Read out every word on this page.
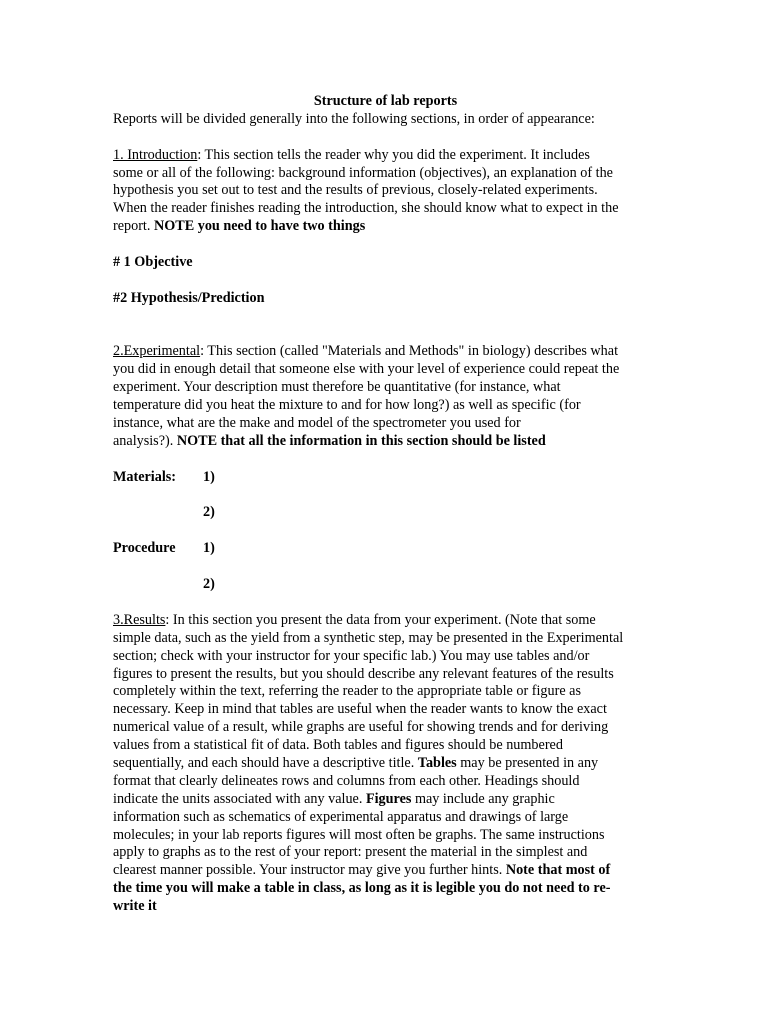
Structure of lab reports
Reports will be divided generally into the following sections, in order of appearance:
1. Introduction: This section tells the reader why you did the experiment. It includes
some or all of the following: background information (objectives), an explanation of the
hypothesis you set out to test and the results of previous, closely-related experiments.
When the reader finishes reading the introduction, she should know what to expect in the
report. NOTE you need to have two things
# 1 Objective
#2 Hypothesis/Prediction
2.Experimental: This section (called "Materials and Methods" in biology) describes what
you did in enough detail that someone else with your level of experience could repeat the
experiment. Your description must therefore be quantitative (for instance, what
temperature did you heat the mixture to and for how long?) as well as specific (for
instance, what are the make and model of the spectrometer you used for
analysis?). NOTE that all the information in this section should be listed
Materials: 1)
2)
Procedure 1)
2)
3.Results: In this section you present the data from your experiment. (Note that some
simple data, such as the yield from a synthetic step, may be presented in the Experimental
section; check with your instructor for your specific lab.) You may use tables and/or
figures to present the results, but you should describe any relevant features of the results
completely within the text, referring the reader to the appropriate table or figure as
necessary. Keep in mind that tables are useful when the reader wants to know the exact
numerical value of a result, while graphs are useful for showing trends and for deriving
values from a statistical fit of data. Both tables and figures should be numbered
sequentially, and each should have a descriptive title. Tables may be presented in any
format that clearly delineates rows and columns from each other. Headings should
indicate the units associated with any value. Figures may include any graphic
information such as schematics of experimental apparatus and drawings of large
molecules; in your lab reports figures will most often be graphs. The same instructions
apply to graphs as to the rest of your report: present the material in the simplest and
clearest manner possible. Your instructor may give you further hints. Note that most of
the time you will make a table in class, as long as it is legible you do not need to re-
write it
